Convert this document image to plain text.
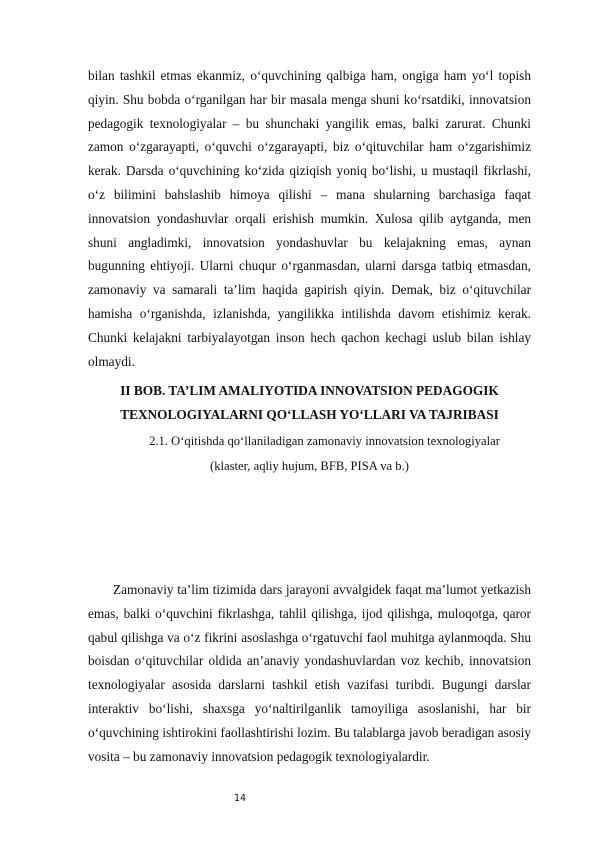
bilan tashkil etmas ekanmiz, o‘quvchining qalbiga ham, ongiga ham yo‘l topish qiyin. Shu bobda o‘rganilgan har bir masala menga shuni ko‘rsatdiki, innovatsion pedagogik texnologiyalar – bu shunchaki yangilik emas, balki zarurat. Chunki zamon o‘zgarayapti, o‘quvchi o‘zgarayapti, biz o‘qituvchilar ham o‘zgarishimiz kerak. Darsda o‘quvchining ko‘zida qiziqish yoniq bo‘lishi, u mustaqil fikrlashi, o‘z bilimini bahslashib himoya qilishi – mana shularning barchasiga faqat innovatsion yondashuvlar orqali erishish mumkin. Xulosa qilib aytganda, men shuni angladimki, innovatsion yondashuvlar bu kelajakning emas, aynan bugunning ehtiyoji. Ularni chuqur o‘rganmasdan, ularni darsga tatbiq etmasdan, zamonaviy va samarali ta’lim haqida gapirish qiyin. Demak, biz o‘qituvchilar hamisha o‘rganishda, izlanishda, yangilikka intilishda davom etishimiz kerak. Chunki kelajakni tarbiyalayotgan inson hech qachon kechagi uslub bilan ishlay olmaydi.

II BOB. TA’LIM AMALIYOTIDA INNOVATSION PEDAGOGIK

TEXNOLOGIYALARNI QO‘LLASH YO‘LLARI VA TAJRIBASI

2.1. O‘qitishda qo‘llaniladigan zamonaviy innovatsion texnologiyalar

(klaster, aqliy hujum, BFB, PISA va b.)

Zamonaviy ta’lim tizimida dars jarayoni avvalgidek faqat ma’lumot yetkazish emas, balki o‘quvchini fikrlashga, tahlil qilishga, ijod qilishga, muloqotga, qaror qabul qilishga va o‘z fikrini asoslashga o‘rgatuvchi faol muhitga aylanmoqda. Shu boisdan o‘qituvchilar oldida an’anaviy yondashuvlardan voz kechib, innovatsion texnologiyalar asosida darslarni tashkil etish vazifasi turibdi. Bugungi darslar interaktiv bo‘lishi, shaxsga yo‘naltirilganlik tamoyiliga asoslanishi, har bir o‘quvchining ishtirokini faollashtirishi lozim. Bu talablarga javob beradigan asosiy vosita – bu zamonaviy innovatsion pedagogik texnologiyalardir.

14
